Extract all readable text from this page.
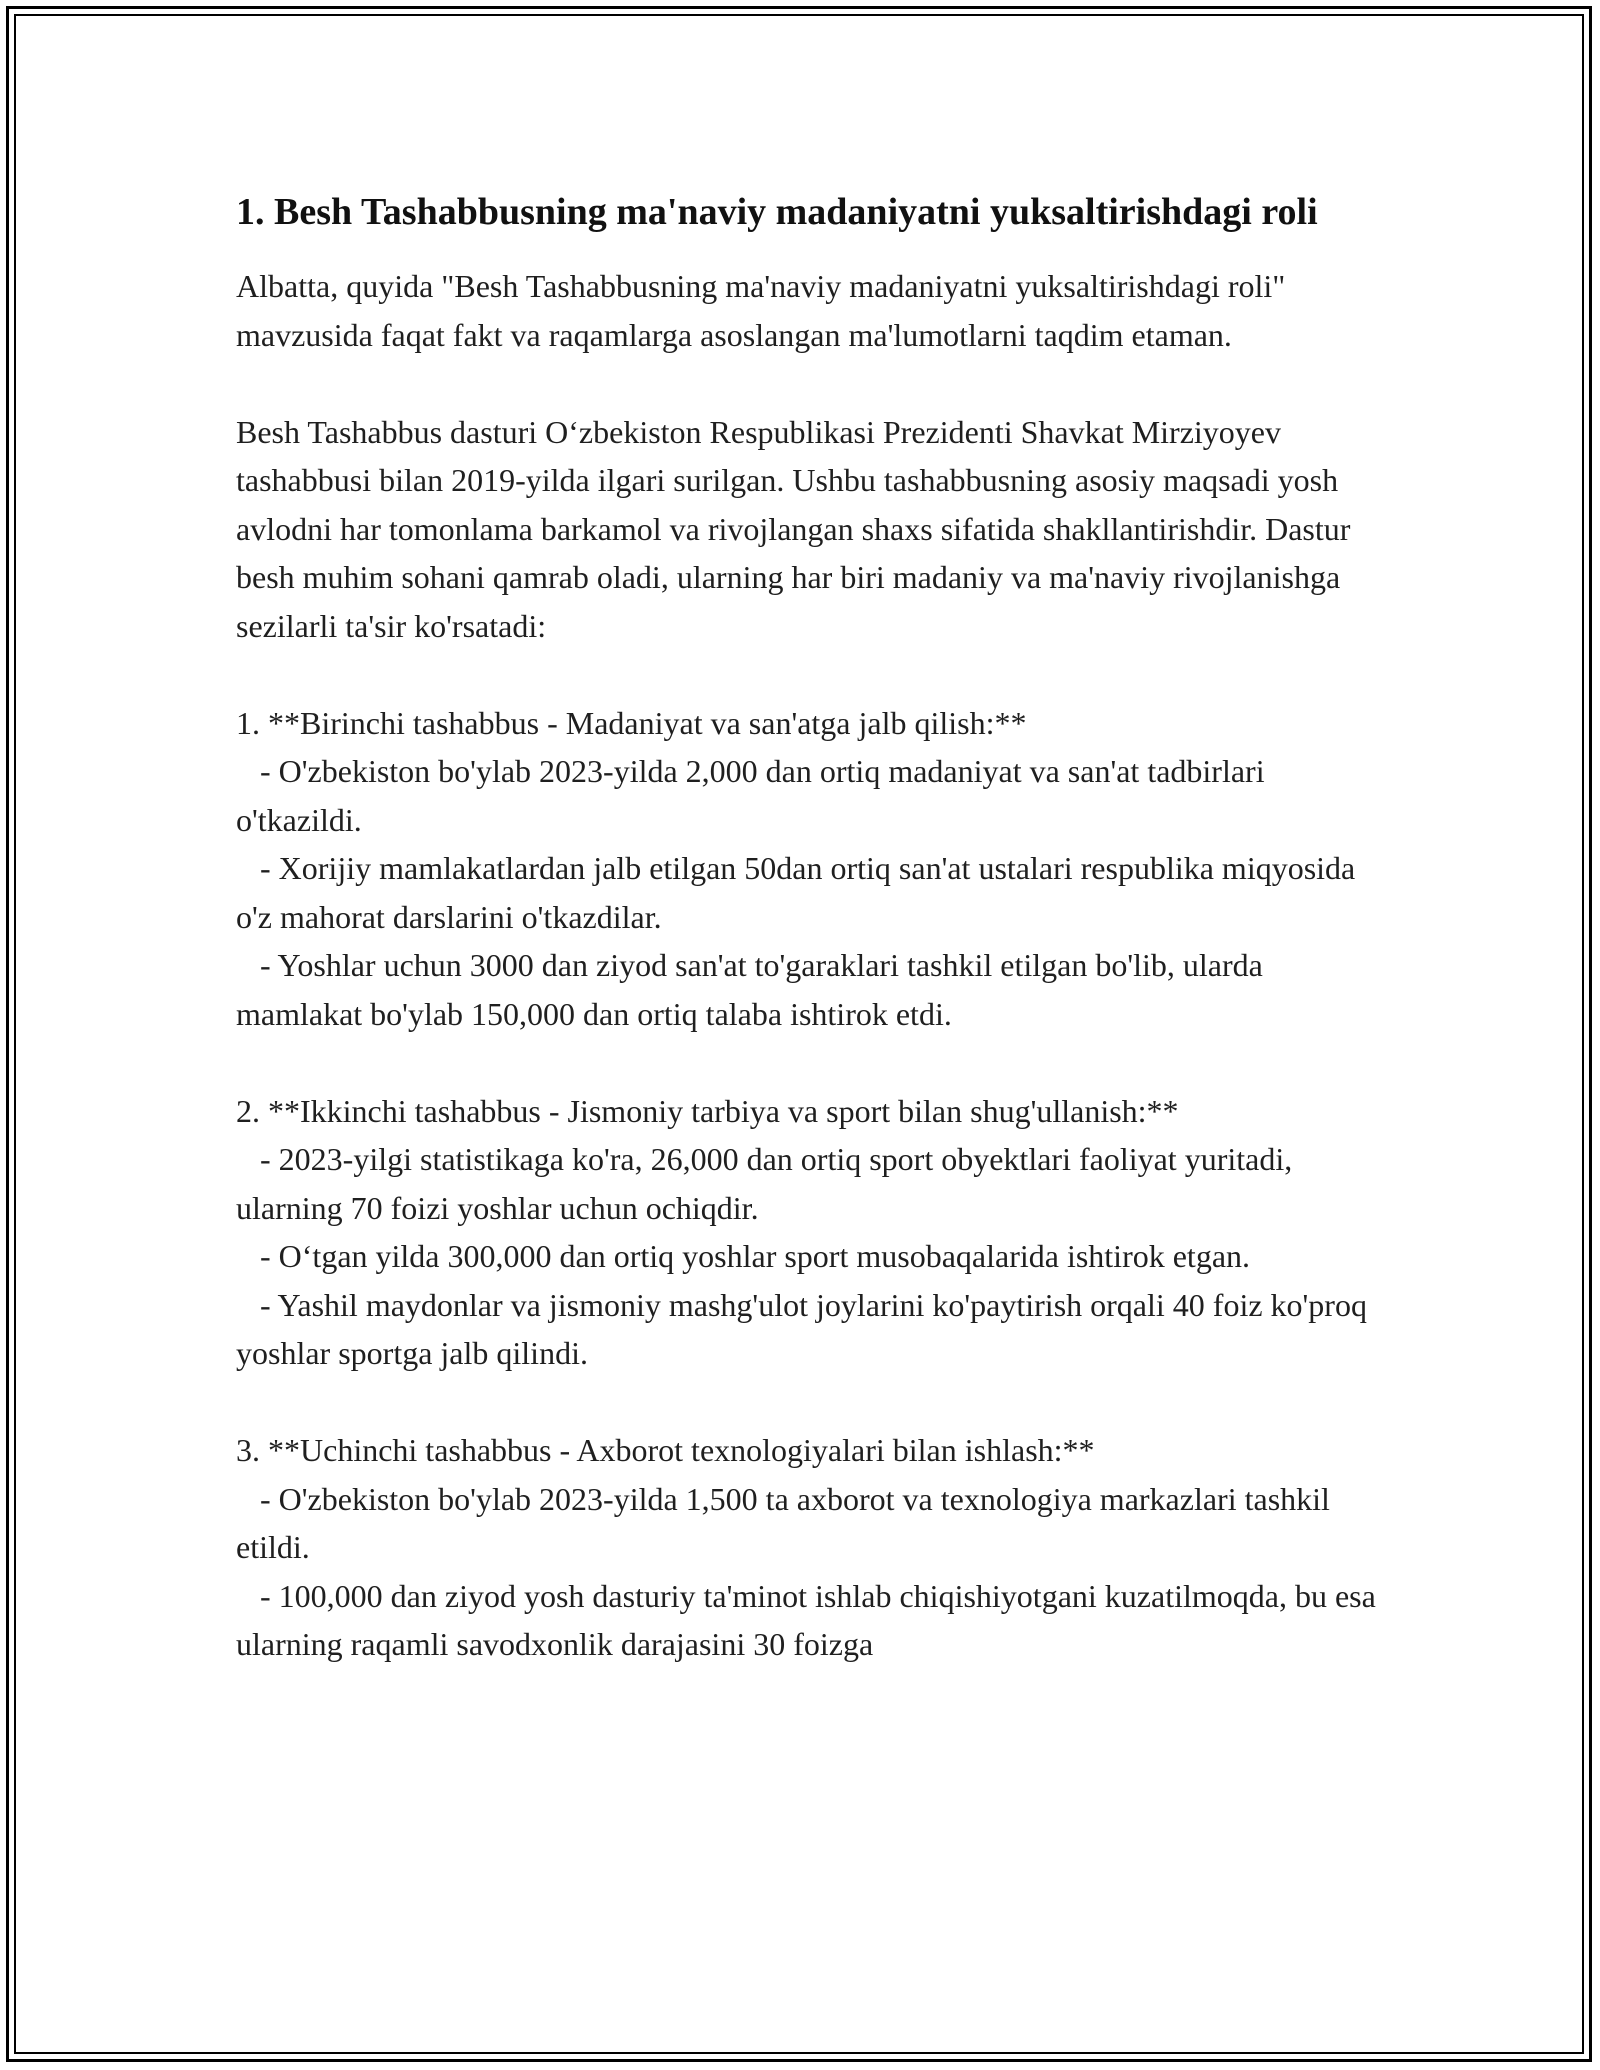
1. Besh Tashabbusning ma'naviy madaniyatni yuksaltirishdagi roli

Albatta, quyida "Besh Tashabbusning ma'naviy madaniyatni yuksaltirishdagi roli" mavzusida faqat fakt va raqamlarga asoslangan ma'lumotlarni taqdim etaman.

Besh Tashabbus dasturi O‘zbekiston Respublikasi Prezidenti Shavkat Mirziyoyev tashabbusi bilan 2019-yilda ilgari surilgan. Ushbu tashabbusning asosiy maqsadi yosh avlodni har tomonlama barkamol va rivojlangan shaxs sifatida shakllantirishdir. Dastur besh muhim sohani qamrab oladi, ularning har biri madaniy va ma'naviy rivojlanishga sezilarli ta'sir ko'rsatadi:

1. **Birinchi tashabbus - Madaniyat va san'atga jalb qilish:**
- O'zbekiston bo'ylab 2023-yilda 2,000 dan ortiq madaniyat va san'at tadbirlari o'tkazildi.
- Xorijiy mamlakatlardan jalb etilgan 50dan ortiq san'at ustalari respublika miqyosida o'z mahorat darslarini o'tkazdilar.
- Yoshlar uchun 3000 dan ziyod san'at to'garaklari tashkil etilgan bo'lib, ularda mamlakat bo'ylab 150,000 dan ortiq talaba ishtirok etdi.
2. **Ikkinchi tashabbus - Jismoniy tarbiya va sport bilan shug'ullanish:**
- 2023-yilgi statistikaga ko'ra, 26,000 dan ortiq sport obyektlari faoliyat yuritadi, ularning 70 foizi yoshlar uchun ochiqdir.
- O‘tgan yilda 300,000 dan ortiq yoshlar sport musobaqalarida ishtirok etgan.
- Yashil maydonlar va jismoniy mashg'ulot joylarini ko'paytirish orqali 40 foiz ko'proq yoshlar sportga jalb qilindi.
3. **Uchinchi tashabbus - Axborot texnologiyalari bilan ishlash:**
- O'zbekiston bo'ylab 2023-yilda 1,500 ta axborot va texnologiya markazlari tashkil etildi.
- 100,000 dan ziyod yosh dasturiy ta'minot ishlab chiqishiyotgani kuzatilmoqda, bu esa ularning raqamli savodxonlik darajasini 30 foizga
